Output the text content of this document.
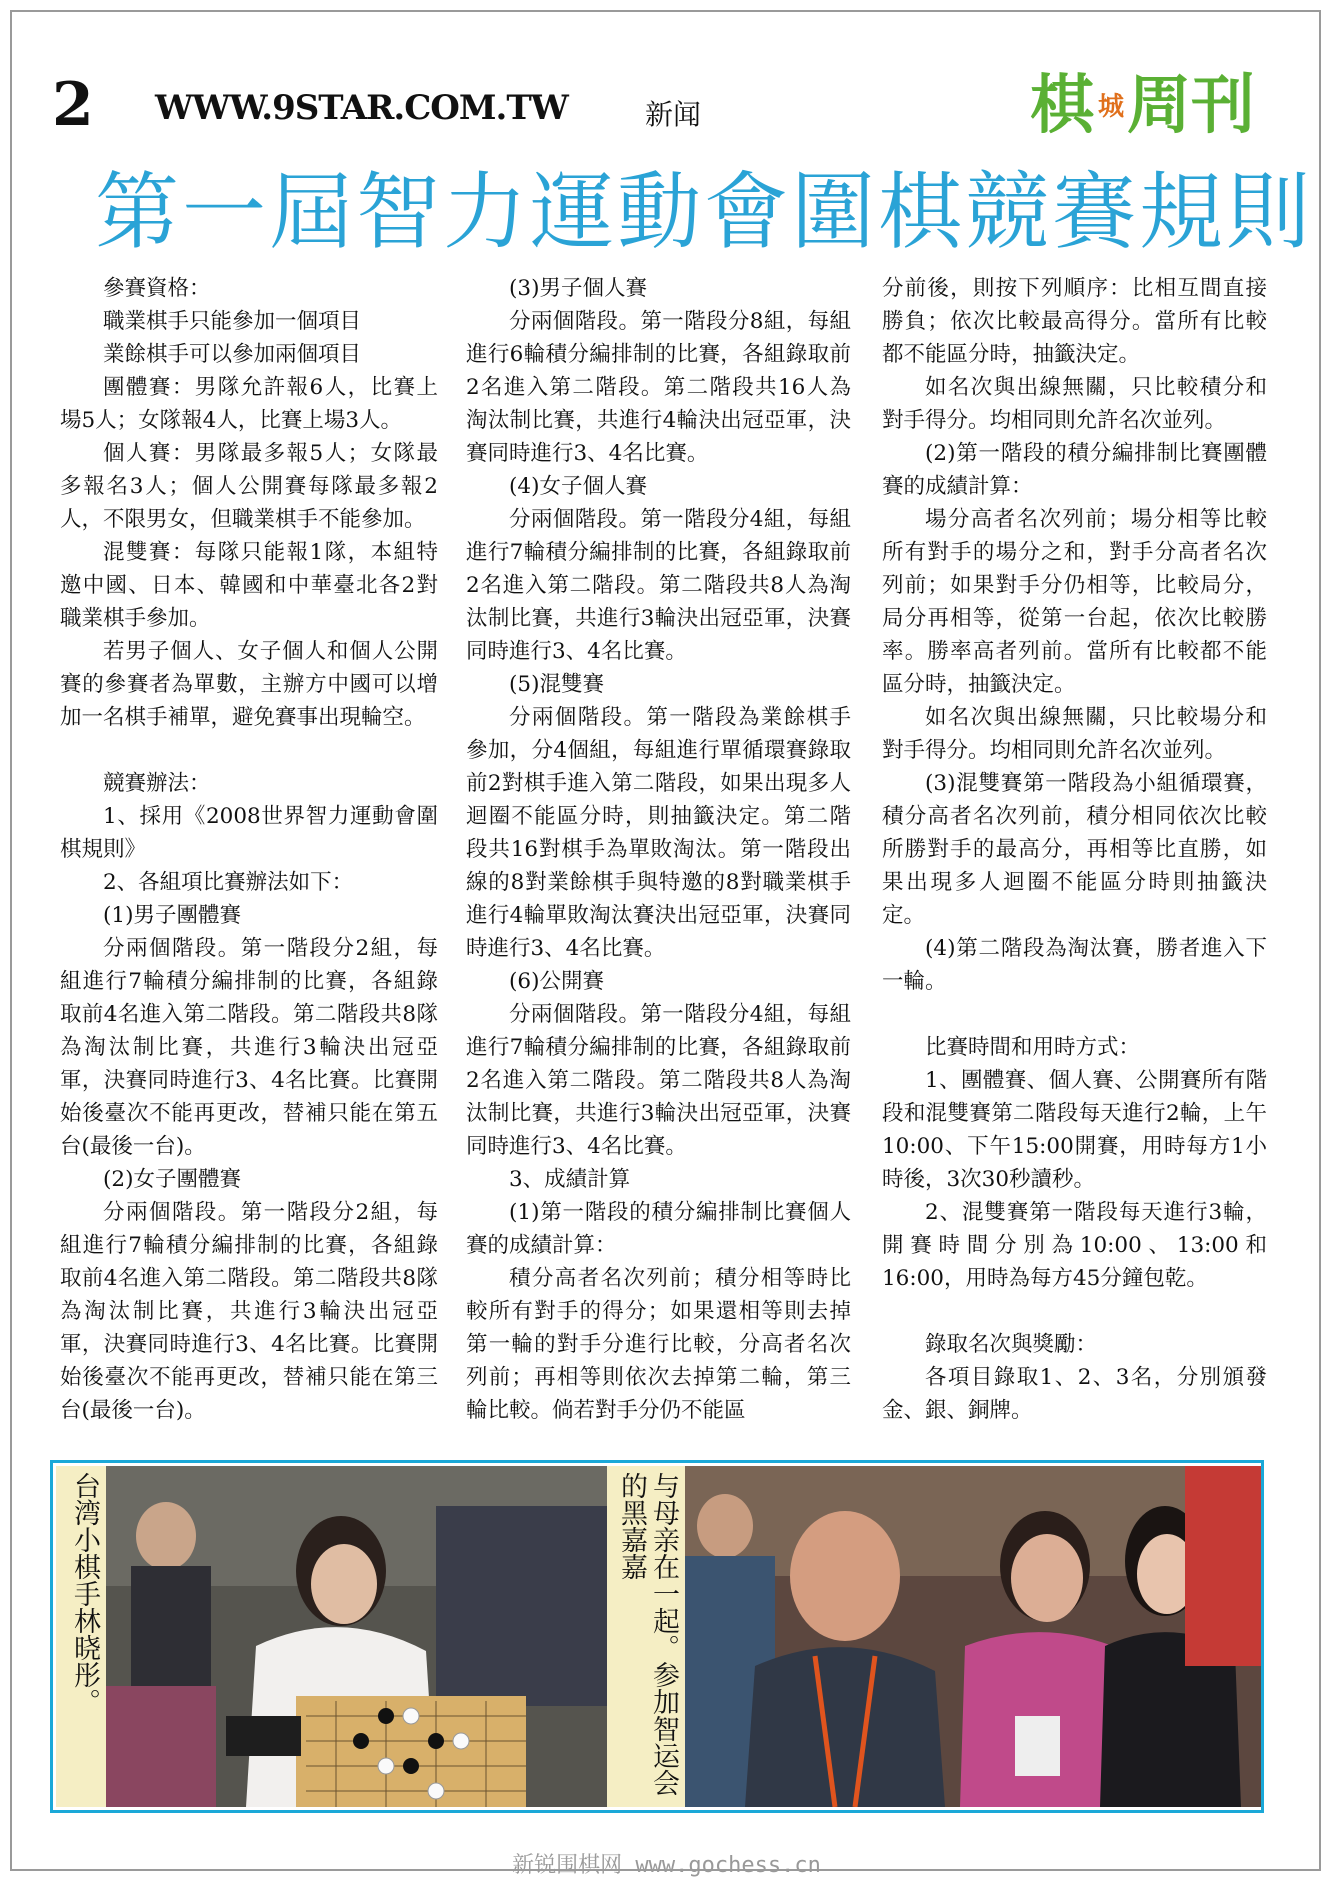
2 WWW.9STAR.COM.TW	新闻	棋 城 周刊
第一屆智力運動會圍棋競賽規則

參賽資格：

職業棋手只能參加一個項目

業餘棋手可以參加兩個項目

團體賽：男隊允許報6人，比賽上場5人；女隊報4人，比賽上場3人。

個人賽：男隊最多報5人；女隊最多報名3人；個人公開賽每隊最多報2人，不限男女，但職業棋手不能參加。

混雙賽：每隊只能報1隊，本組特邀中國、日本、韓國和中華臺北各2對職業棋手參加。

若男子個人、女子個人和個人公開賽的參賽者為單數，主辦方中國可以增加一名棋手補單，避免賽事出現輪空。

競賽辦法：

1、採用《2008世界智力運動會圍棋規則》

2、各組項比賽辦法如下：

(1)男子團體賽

分兩個階段。第一階段分2組，每組進行7輪積分編排制的比賽，各組錄取前4名進入第二階段。第二階段共8隊為淘汰制比賽，共進行3輪決出冠亞軍，決賽同時進行3、4名比賽。比賽開始後臺次不能再更改，替補只能在第五台(最後一台)。

(2)女子團體賽

分兩個階段。第一階段分2組，每組進行7輪積分編排制的比賽，各組錄取前4名進入第二階段。第二階段共8隊為淘汰制比賽，共進行3輪決出冠亞軍，決賽同時進行3、4名比賽。比賽開始後臺次不能再更改，替補只能在第三台(最後一台)。

(3)男子個人賽

分兩個階段。第一階段分8組，每組進行6輪積分編排制的比賽，各組錄取前2名進入第二階段。第二階段共16人為淘汰制比賽，共進行4輪決出冠亞軍，決賽同時進行3、4名比賽。

(4)女子個人賽

分兩個階段。第一階段分4組，每組進行7輪積分編排制的比賽，各組錄取前2名進入第二階段。第二階段共8人為淘汰制比賽，共進行3輪決出冠亞軍，決賽同時進行3、4名比賽。

(5)混雙賽

分兩個階段。第一階段為業餘棋手參加，分4個組，每組進行單循環賽錄取前2對棋手進入第二階段，如果出現多人迴圈不能區分時，則抽籤決定。第二階段共16對棋手為單敗淘汰。第一階段出線的8對業餘棋手與特邀的8對職業棋手進行4輪單敗淘汰賽決出冠亞軍，決賽同時進行3、4名比賽。

(6)公開賽

分兩個階段。第一階段分4組，每組進行7輪積分編排制的比賽，各組錄取前2名進入第二階段。第二階段共8人為淘汰制比賽，共進行3輪決出冠亞軍，決賽同時進行3、4名比賽。

3、成績計算

(1)第一階段的積分編排制比賽個人賽的成績計算：

積分高者名次列前；積分相等時比較所有對手的得分；如果還相等則去掉第一輪的對手分進行比較，分高者名次列前；再相等則依次去掉第二輪，第三輪比較。倘若對手分仍不能區

分前後，則按下列順序：比相互間直接勝負；依次比較最高得分。當所有比較都不能區分時，抽籤決定。

如名次與出線無關，只比較積分和對手得分。均相同則允許名次並列。

(2)第一階段的積分編排制比賽團體賽的成績計算：

場分高者名次列前；場分相等比較所有對手的場分之和，對手分高者名次列前；如果對手分仍相等，比較局分，局分再相等，從第一台起，依次比較勝率。勝率高者列前。當所有比較都不能區分時，抽籤決定。

如名次與出線無關，只比較場分和對手得分。均相同則允許名次並列。

(3)混雙賽第一階段為小組循環賽，積分高者名次列前，積分相同依次比較所勝對手的最高分，再相等比直勝，如果出現多人迴圈不能區分時則抽籤決定。

(4)第二階段為淘汰賽，勝者進入下一輪。

比賽時間和用時方式：

1、團體賽、個人賽、公開賽所有階段和混雙賽第二階段每天進行2輪，上午10:00、下午15:00開賽，用時每方1小時後，3次30秒讀秒。

2、混雙賽第一階段每天進行3輪，開賽時間分別為10:00、13:00和16:00，用時為每方45分鐘包乾。

錄取名次與獎勵：

各項目錄取1、2、3名，分別頒發金、銀、銅牌。

台湾小棋手林晓彤。	与母亲在一起。参加智运会的黑嘉嘉
新锐围棋网 www.gochess.cn
